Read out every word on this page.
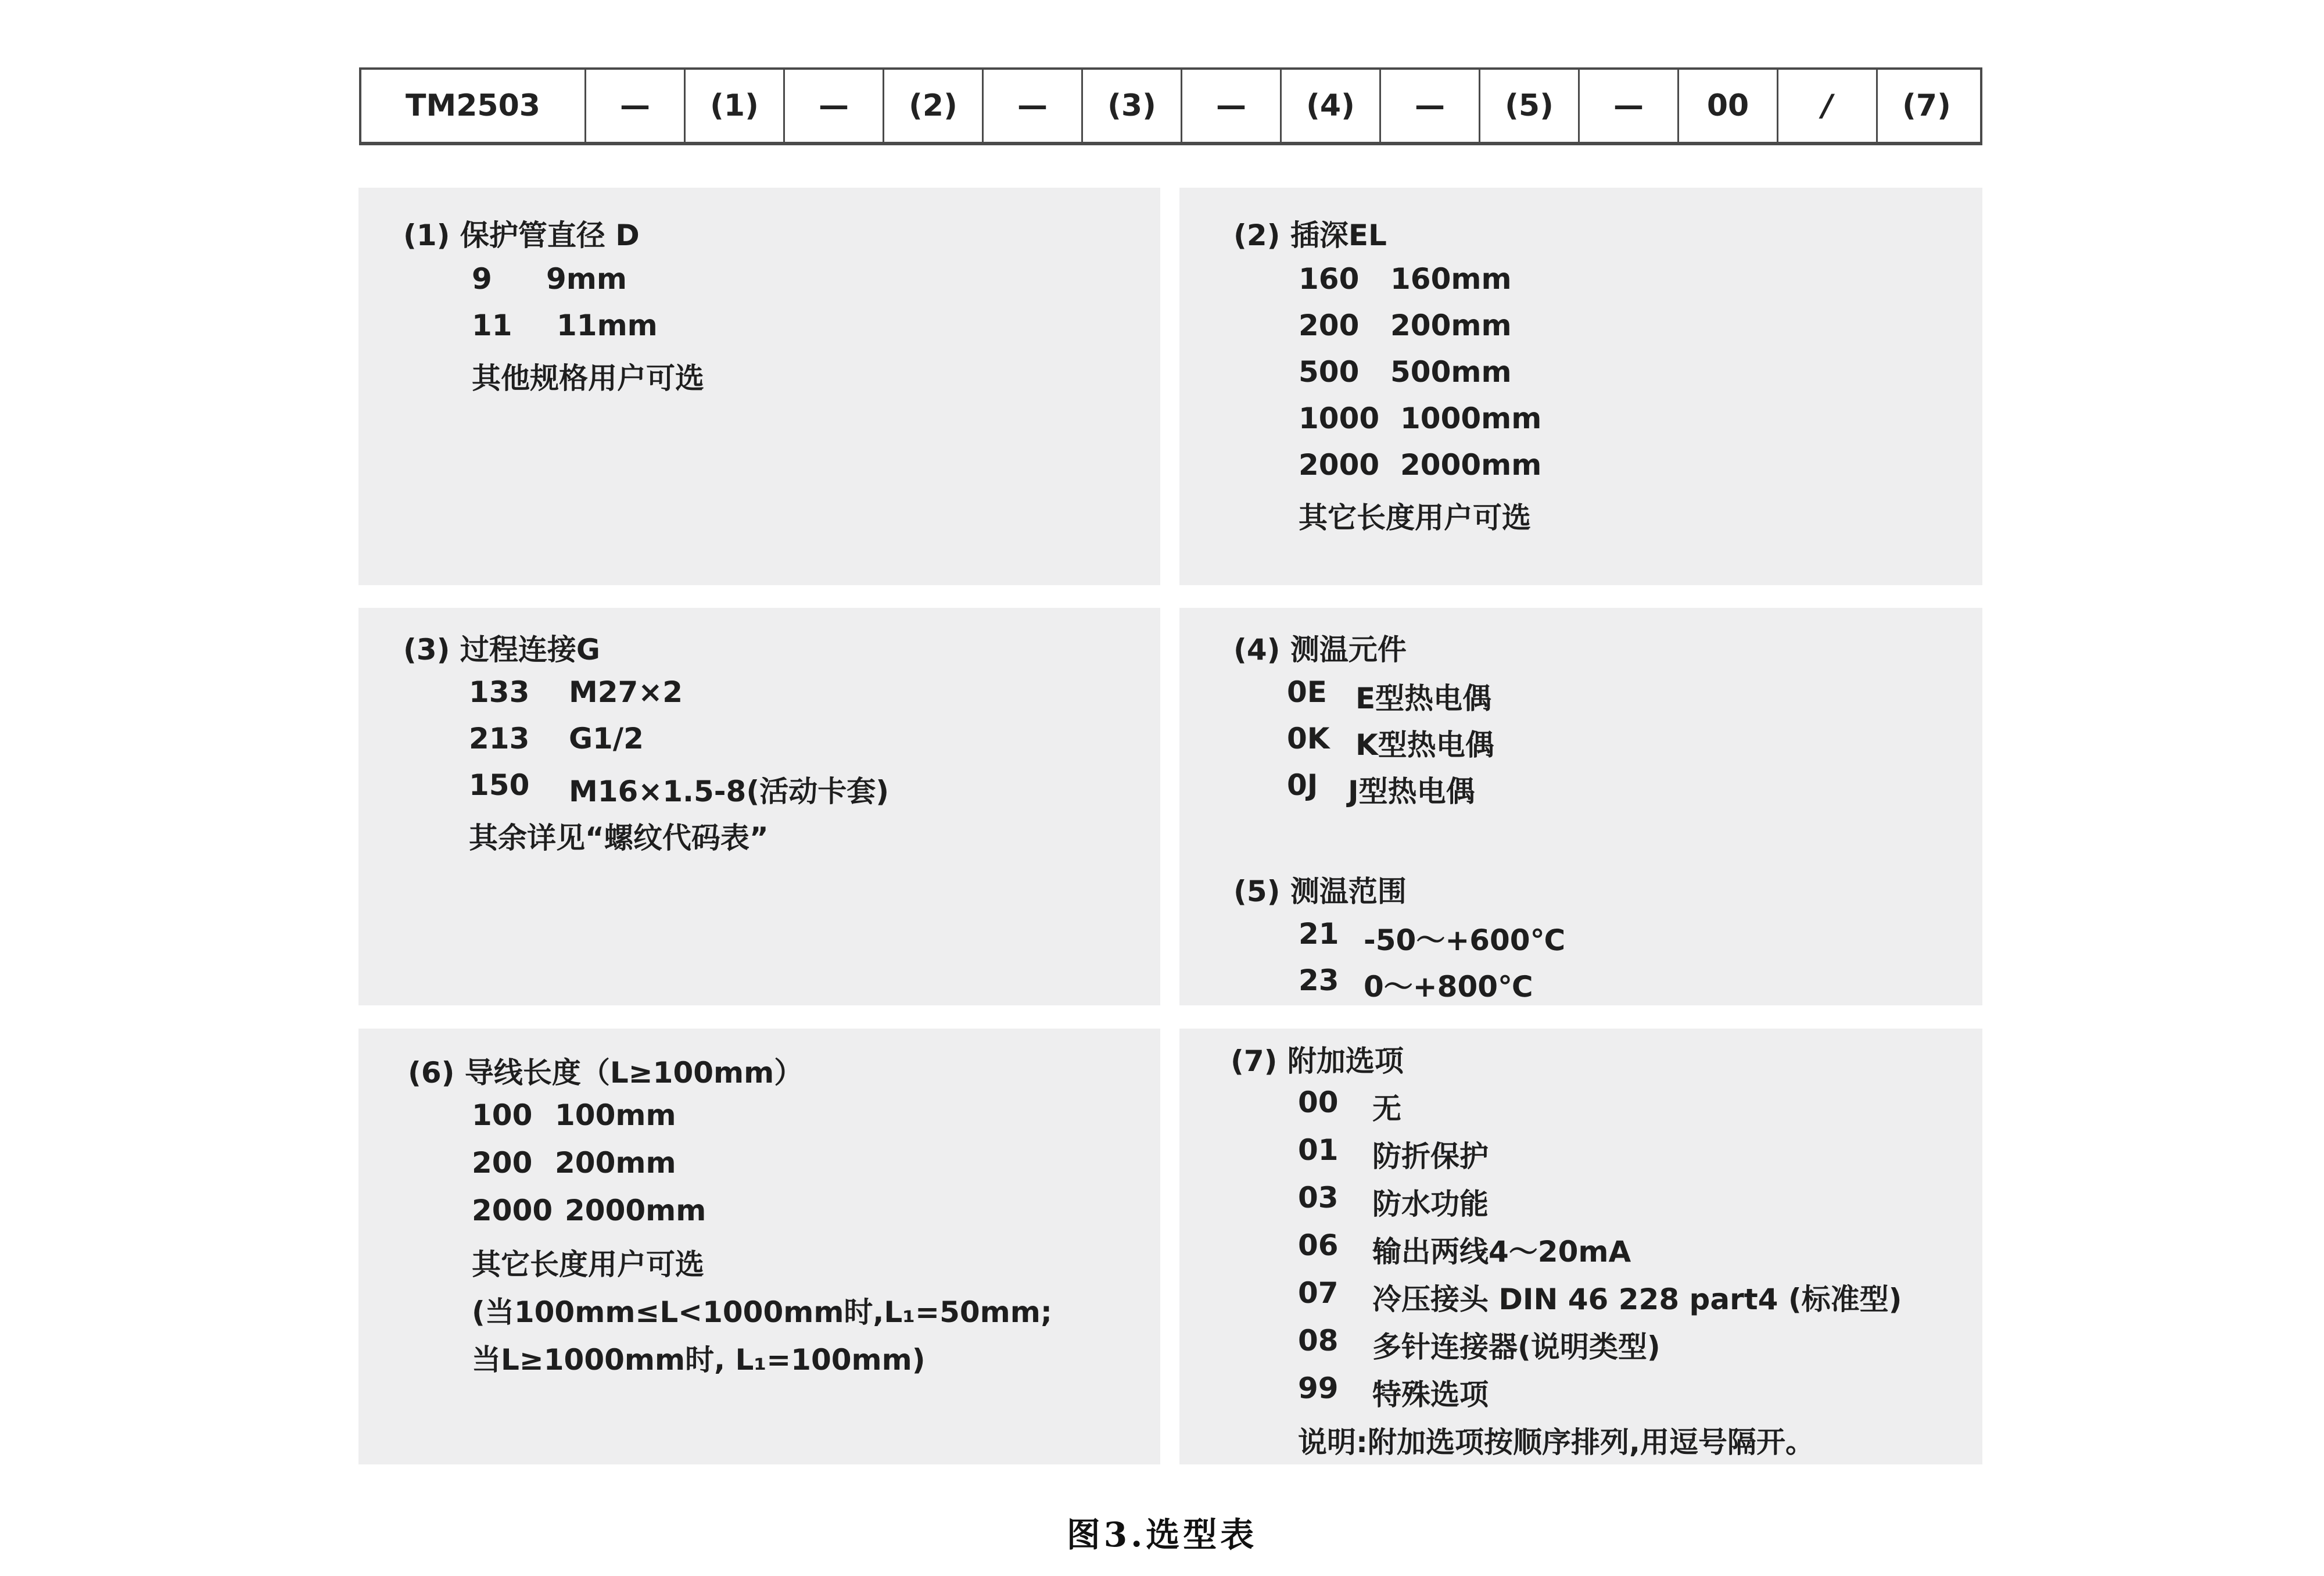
TM2503	—	(1)	—	(2)	—	(3)	—	(4)	—	(5)	—	00	/	(7)
(1) 保护管直径 D
9 9mm
11 11mm
其他规格用户可选
(2) 插深EL
160 160mm
200 200mm
500 500mm
1000 1000mm
2000 2000mm
其它长度用户可选
(3) 过程连接G
133 M27×2
213 G1/2
150 M16×1.5-8(活动卡套)
其余详见“螺纹代码表”
(4) 测温元件
0E E型热电偶
0K K型热电偶
0J J型热电偶
(5) 测温范围
21 -50～+600℃
23 0～+800℃
(6) 导线长度（L≥100mm）
100 100mm
200 200mm
2000 2000mm
其它长度用户可选
(当100mm≤L<1000mm时,L₁=50mm;
当L≥1000mm时, L₁=100mm)
(7) 附加选项
00 无
01 防折保护
03 防水功能
06 输出两线4～20mA
07 冷压接头 DIN 46 228 part4 (标准型)
08 多针连接器(说明类型)
99 特殊选项
说明:附加选项按顺序排列,用逗号隔开。
图3.选型表
